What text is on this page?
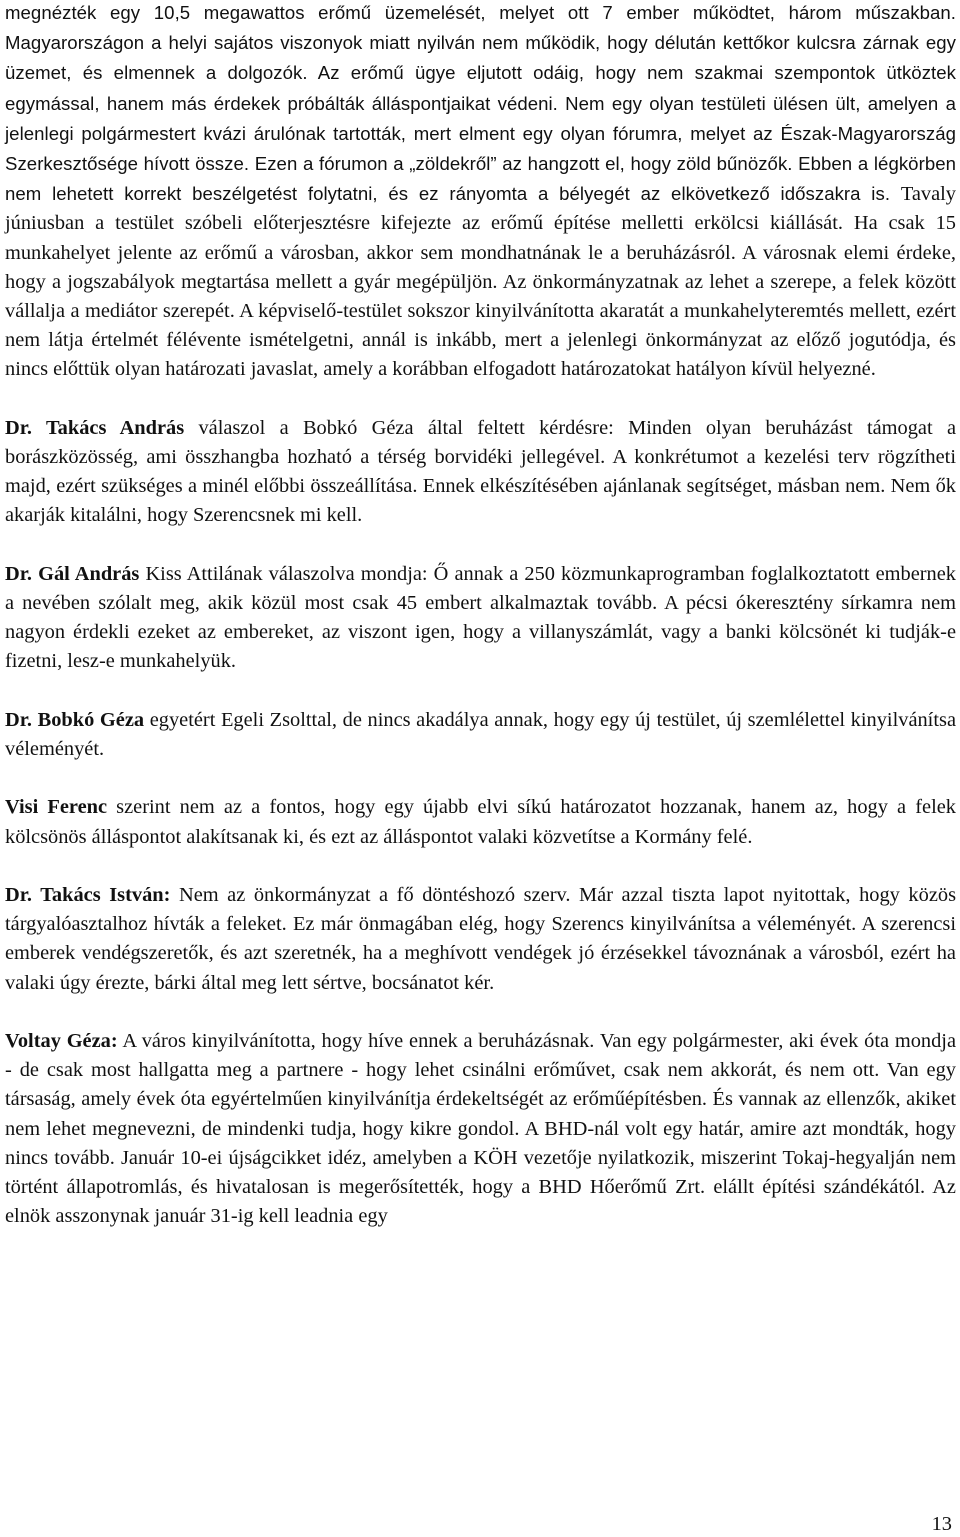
megnézték egy 10,5 megawattos erőmű üzemelését, melyet ott 7 ember működtet, három műszakban. Magyarországon a helyi sajátos viszonyok miatt nyilván nem működik, hogy délután kettőkor kulcsra zárnak egy üzemet, és elmennek a dolgozók. Az erőmű ügye eljutott odáig, hogy nem szakmai szempontok ütköztek egymással, hanem más érdekek próbálták álláspontjaikat védeni. Nem egy olyan testületi ülésen ült, amelyen a jelenlegi polgármestert kvázi árulónak tartották, mert elment egy olyan fórumra, melyet az Észak-Magyarország Szerkesztősége hívott össze. Ezen a fórumon a „zöldekről” az hangzott el, hogy zöld bűnözők. Ebben a légkörben nem lehetett korrekt beszélgetést folytatni, és ez rányomta a bélyegét az elkövetkező időszakra is. Tavaly júniusban a testület szóbeli előterjesztésre kifejezte az erőmű építése melletti erkölcsi kiállását. Ha csak 15 munkahelyet jelente az erőmű a városban, akkor sem mondhatnának le a beruházásról. A városnak elemi érdeke, hogy a jogszabályok megtartása mellett a gyár megépüljön. Az önkormányzatnak az lehet a szerepe, a felek között vállalja a mediátor szerepét. A képviselő-testület sokszor kinyilvánította akaratát a munkahelyteremtés mellett, ezért nem látja értelmét félévente ismételgetni, annál is inkább, mert a jelenlegi önkormányzat az előző jogutódja, és nincs előttük olyan határozati javaslat, amely a korábban elfogadott határozatokat hatályon kívül helyezné.

Dr. Takács András válaszol a Bobkó Géza által feltett kérdésre: Minden olyan beruházást támogat a borászközösség, ami összhangba hozható a térség borvidéki jellegével. A konkrétumot a kezelési terv rögzítheti majd, ezért szükséges a minél előbbi összeállítása. Ennek elkészítésében ajánlanak segítséget, másban nem. Nem ők akarják kitalálni, hogy Szerencsnek mi kell.

Dr. Gál András Kiss Attilának válaszolva mondja: Ő annak a 250 közmunkaprogramban foglalkoztatott embernek a nevében szólalt meg, akik közül most csak 45 embert alkalmaztak tovább. A pécsi ókeresztény sírkamra nem nagyon érdekli ezeket az embereket, az viszont igen, hogy a villanyszámlát, vagy a banki kölcsönét ki tudják-e fizetni, lesz-e munkahelyük.

Dr. Bobkó Géza egyetért Egeli Zsolttal, de nincs akadálya annak, hogy egy új testület, új szemlélettel kinyilvánítsa véleményét.

Visi Ferenc szerint nem az a fontos, hogy egy újabb elvi síkú határozatot hozzanak, hanem az, hogy a felek kölcsönös álláspontot alakítsanak ki, és ezt az álláspontot valaki közvetítse a Kormány felé.

Dr. Takács István: Nem az önkormányzat a fő döntéshozó szerv. Már azzal tiszta lapot nyitottak, hogy közös tárgyalóasztalhoz hívták a feleket. Ez már önmagában elég, hogy Szerencs kinyilvánítsa a véleményét. A szerencsi emberek vendégszeretők, és azt szeretnék, ha a meghívott vendégek jó érzésekkel távoznának a városból, ezért ha valaki úgy érezte, bárki által meg lett sértve, bocsánatot kér.

Voltay Géza: A város kinyilvánította, hogy híve ennek a beruházásnak. Van egy polgármester, aki évek óta mondja - de csak most hallgatta meg a partnere - hogy lehet csinálni erőművet, csak nem akkorát, és nem ott. Van egy társaság, amely évek óta egyértelműen kinyilvánítja érdekeltségét az erőműépítésben. És vannak az ellenzők, akiket nem lehet megnevezni, de mindenki tudja, hogy kikre gondol. A BHD-nál volt egy határ, amire azt mondták, hogy nincs tovább. Január 10-ei újságcikket idéz, amelyben a KÖH vezetője nyilatkozik, miszerint Tokaj-hegyalján nem történt állapotromlás, és hivatalosan is megerősítették, hogy a BHD Hőerőmű Zrt. elállt építési szándékától. Az elnök asszonynak január 31-ig kell leadnia egy

13
